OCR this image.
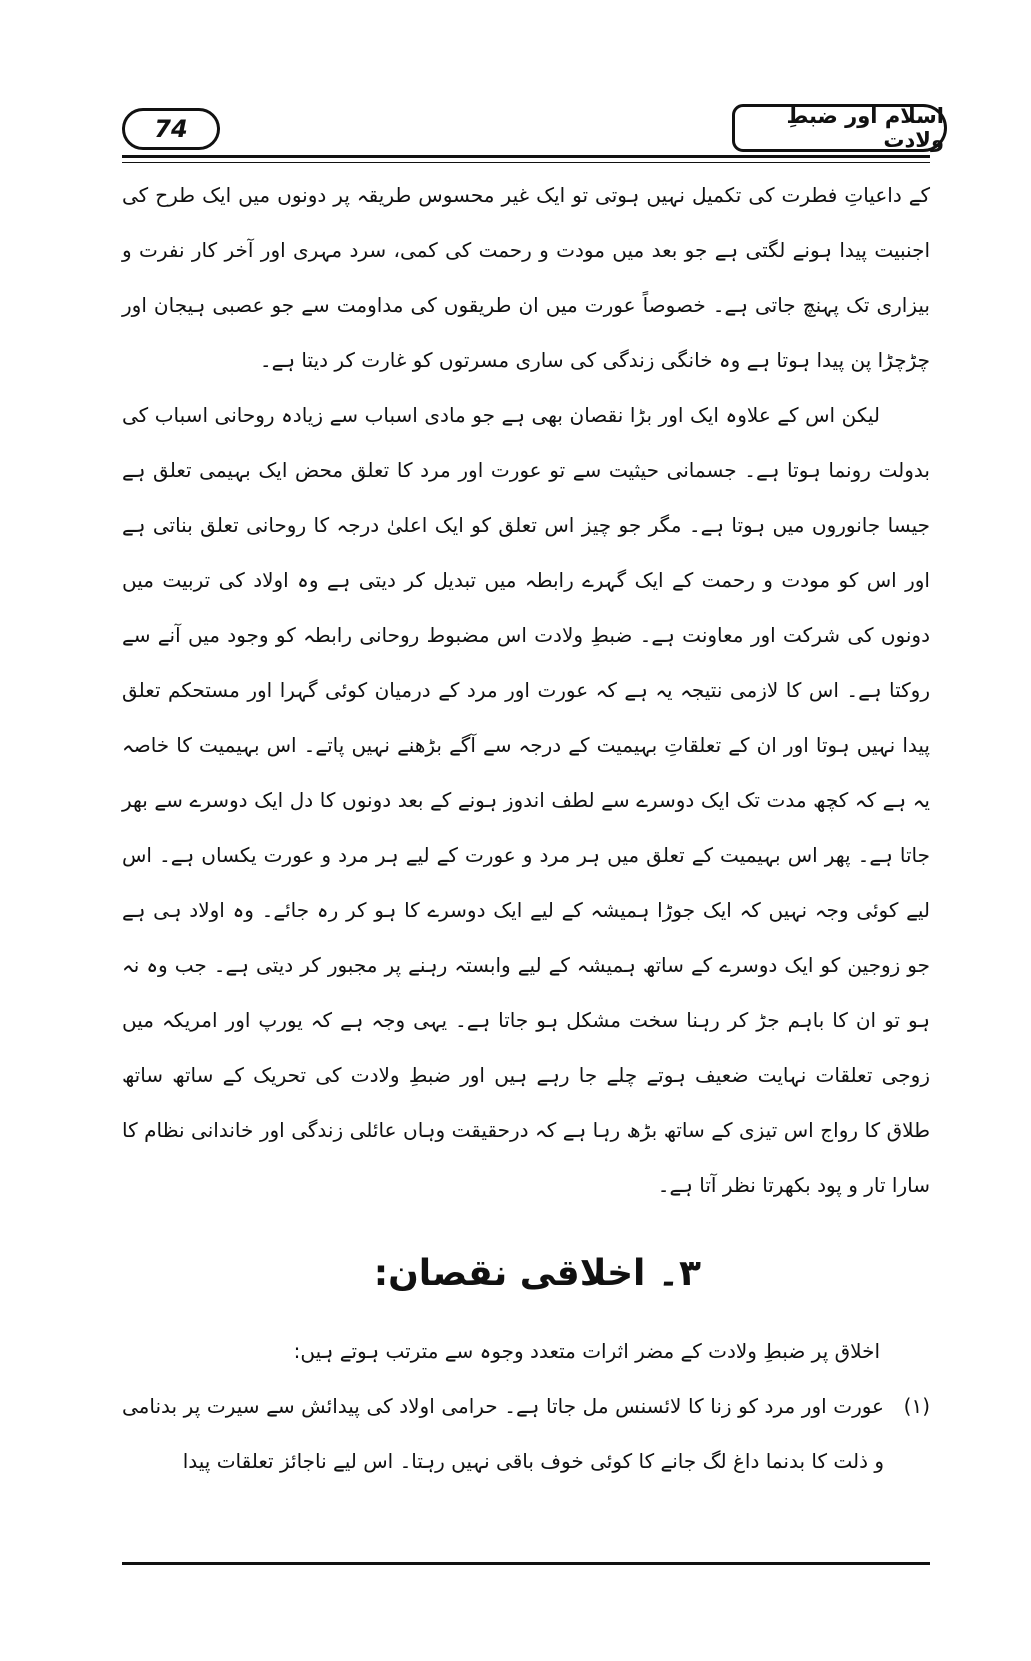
74	اسلام اور ضبطِ ولادت

کے داعیاتِ فطرت کی تکمیل نہیں ہوتی تو ایک غیر محسوس طریقہ پر دونوں میں ایک طرح کی اجنبیت پیدا ہونے لگتی ہے جو بعد میں مودت و رحمت کی کمی، سرد مہری اور آخر کار نفرت و بیزاری تک پہنچ جاتی ہے۔ خصوصاً عورت میں ان طریقوں کی مداومت سے جو عصبی ہیجان اور چڑچڑا پن پیدا ہوتا ہے وہ خانگی زندگی کی ساری مسرتوں کو غارت کر دیتا ہے۔

لیکن اس کے علاوہ ایک اور بڑا نقصان بھی ہے جو مادی اسباب سے زیادہ روحانی اسباب کی بدولت رونما ہوتا ہے۔ جسمانی حیثیت سے تو عورت اور مرد کا تعلق محض ایک بہیمی تعلق ہے جیسا جانوروں میں ہوتا ہے۔ مگر جو چیز اس تعلق کو ایک اعلیٰ درجہ کا روحانی تعلق بناتی ہے اور اس کو مودت و رحمت کے ایک گہرے رابطہ میں تبدیل کر دیتی ہے وہ اولاد کی تربیت میں دونوں کی شرکت اور معاونت ہے۔ ضبطِ ولادت اس مضبوط روحانی رابطہ کو وجود میں آنے سے روکتا ہے۔ اس کا لازمی نتیجہ یہ ہے کہ عورت اور مرد کے درمیان کوئی گہرا اور مستحکم تعلق پیدا نہیں ہوتا اور ان کے تعلقاتِ بہیمیت کے درجہ سے آگے بڑھنے نہیں پاتے۔ اس بہیمیت کا خاصہ یہ ہے کہ کچھ مدت تک ایک دوسرے سے لطف اندوز ہونے کے بعد دونوں کا دل ایک دوسرے سے بھر جاتا ہے۔ پھر اس بہیمیت کے تعلق میں ہر مرد و عورت کے لیے ہر مرد و عورت یکساں ہے۔ اس لیے کوئی وجہ نہیں کہ ایک جوڑا ہمیشہ کے لیے ایک دوسرے کا ہو کر رہ جائے۔ وہ اولاد ہی ہے جو زوجین کو ایک دوسرے کے ساتھ ہمیشہ کے لیے وابستہ رہنے پر مجبور کر دیتی ہے۔ جب وہ نہ ہو تو ان کا باہم جڑ کر رہنا سخت مشکل ہو جاتا ہے۔ یہی وجہ ہے کہ یورپ اور امریکہ میں زوجی تعلقات نہایت ضعیف ہوتے چلے جا رہے ہیں اور ضبطِ ولادت کی تحریک کے ساتھ ساتھ طلاق کا رواج اس تیزی کے ساتھ بڑھ رہا ہے کہ درحقیقت وہاں عائلی زندگی اور خاندانی نظام کا سارا تار و پود بکھرتا نظر آتا ہے۔

۳۔ اخلاقی نقصان:

اخلاق پر ضبطِ ولادت کے مضر اثرات متعدد وجوہ سے مترتب ہوتے ہیں:

(۱)
عورت اور مرد کو زنا کا لائسنس مل جاتا ہے۔ حرامی اولاد کی پیدائش سے سیرت پر بدنامی و ذلت کا بدنما داغ لگ جانے کا کوئی خوف باقی نہیں رہتا۔ اس لیے ناجائز تعلقات پیدا
